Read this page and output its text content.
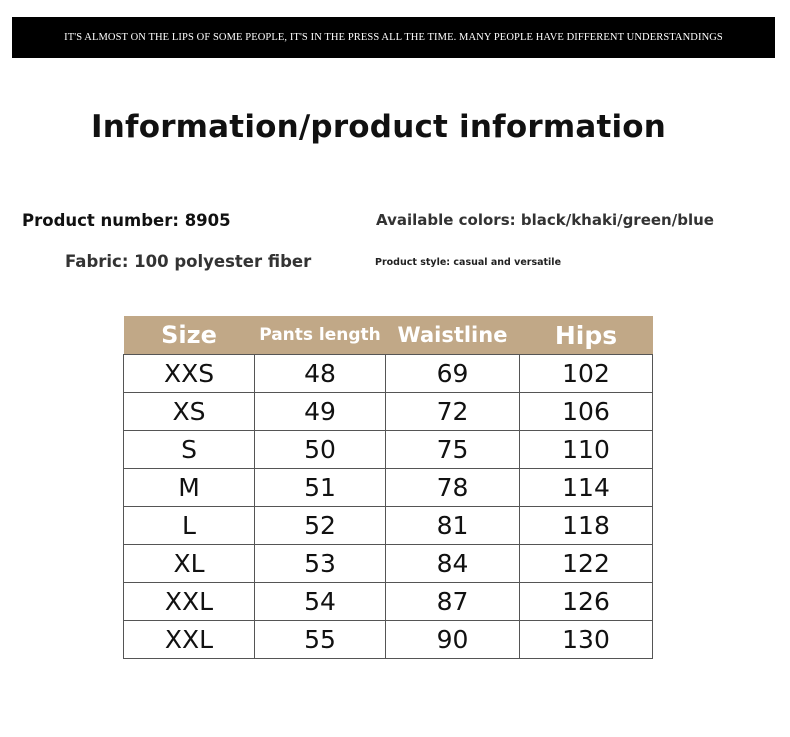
IT'S ALMOST ON THE LIPS OF SOME PEOPLE, IT'S IN THE PRESS ALL THE TIME. MANY PEOPLE HAVE DIFFERENT UNDERSTANDINGS
Information/product information
Product number: 8905	Available colors: black/khaki/green/blue
Fabric: 100 polyester fiber	Product style: casual and versatile
Size	Pants length	Waistline	Hips
XXS	48	69	102
XS	49	72	106
S	50	75	110
M	51	78	114
L	52	81	118
XL	53	84	122
XXL	54	87	126
XXL	55	90	130
